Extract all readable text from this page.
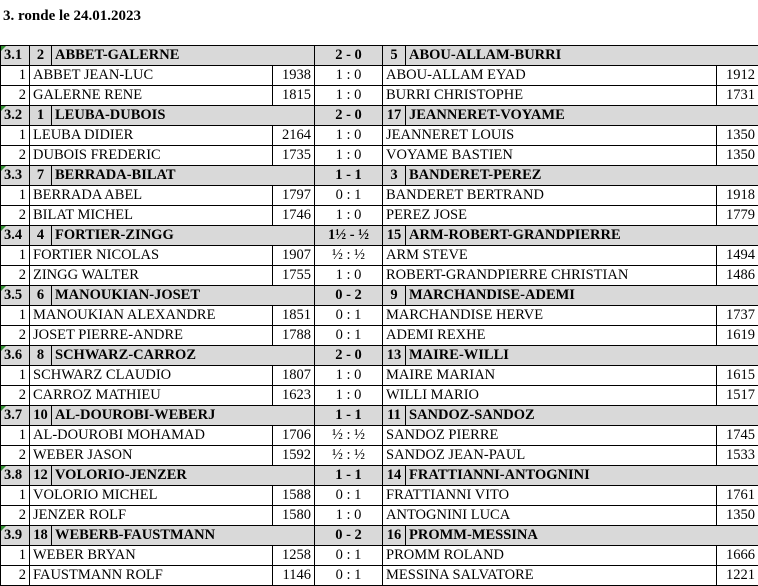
3. ronde le 24.01.2023
3.1	2	ABBET-GALERNE		2 - 0	5	ABOU-ALLAM-BURRI	
1	ABBET JEAN-LUC		1938	1 : 0	ABOU-ALLAM EYAD		1912
2	GALERNE RENE		1815	1 : 0	BURRI CHRISTOPHE		1731

3.2	1	LEUBA-DUBOIS		2 - 0	17	JEANNERET-VOYAME	
1	LEUBA DIDIER		2164	1 : 0	JEANNERET LOUIS		1350
2	DUBOIS FREDERIC		1735	1 : 0	VOYAME BASTIEN		1350

3.3	7	BERRADA-BILAT		1 - 1	3	BANDERET-PEREZ	
1	BERRADA ABEL		1797	0 : 1	BANDERET BERTRAND		1918
2	BILAT MICHEL		1746	1 : 0	PEREZ JOSE		1779

3.4	4	FORTIER-ZINGG		1½ - ½	15	ARM-ROBERT-GRANDPIERRE	
1	FORTIER NICOLAS		1907	½ : ½	ARM STEVE		1494
2	ZINGG WALTER		1755	1 : 0	ROBERT-GRANDPIERRE CHRISTIAN		1486

3.5	6	MANOUKIAN-JOSET		0 - 2	9	MARCHANDISE-ADEMI	
1	MANOUKIAN ALEXANDRE		1851	0 : 1	MARCHANDISE HERVE		1737
2	JOSET PIERRE-ANDRE		1788	0 : 1	ADEMI REXHE		1619

3.6	8	SCHWARZ-CARROZ		2 - 0	13	MAIRE-WILLI	
1	SCHWARZ CLAUDIO		1807	1 : 0	MAIRE MARIAN		1615
2	CARROZ MATHIEU		1623	1 : 0	WILLI MARIO		1517

3.7	10	AL-DOUROBI-WEBERJ		1 - 1	11	SANDOZ-SANDOZ	
1	AL-DOUROBI MOHAMAD		1706	½ : ½	SANDOZ PIERRE		1745
2	WEBER JASON		1592	½ : ½	SANDOZ JEAN-PAUL		1533

3.8	12	VOLORIO-JENZER		1 - 1	14	FRATTIANNI-ANTOGNINI	
1	VOLORIO MICHEL		1588	0 : 1	FRATTIANNI VITO		1761
2	JENZER ROLF		1580	1 : 0	ANTOGNINI LUCA		1350

3.9	18	WEBERB-FAUSTMANN		0 - 2	16	PROMM-MESSINA	
1	WEBER BRYAN		1258	0 : 1	PROMM ROLAND		1666
2	FAUSTMANN ROLF		1146	0 : 1	MESSINA SALVATORE		1221
